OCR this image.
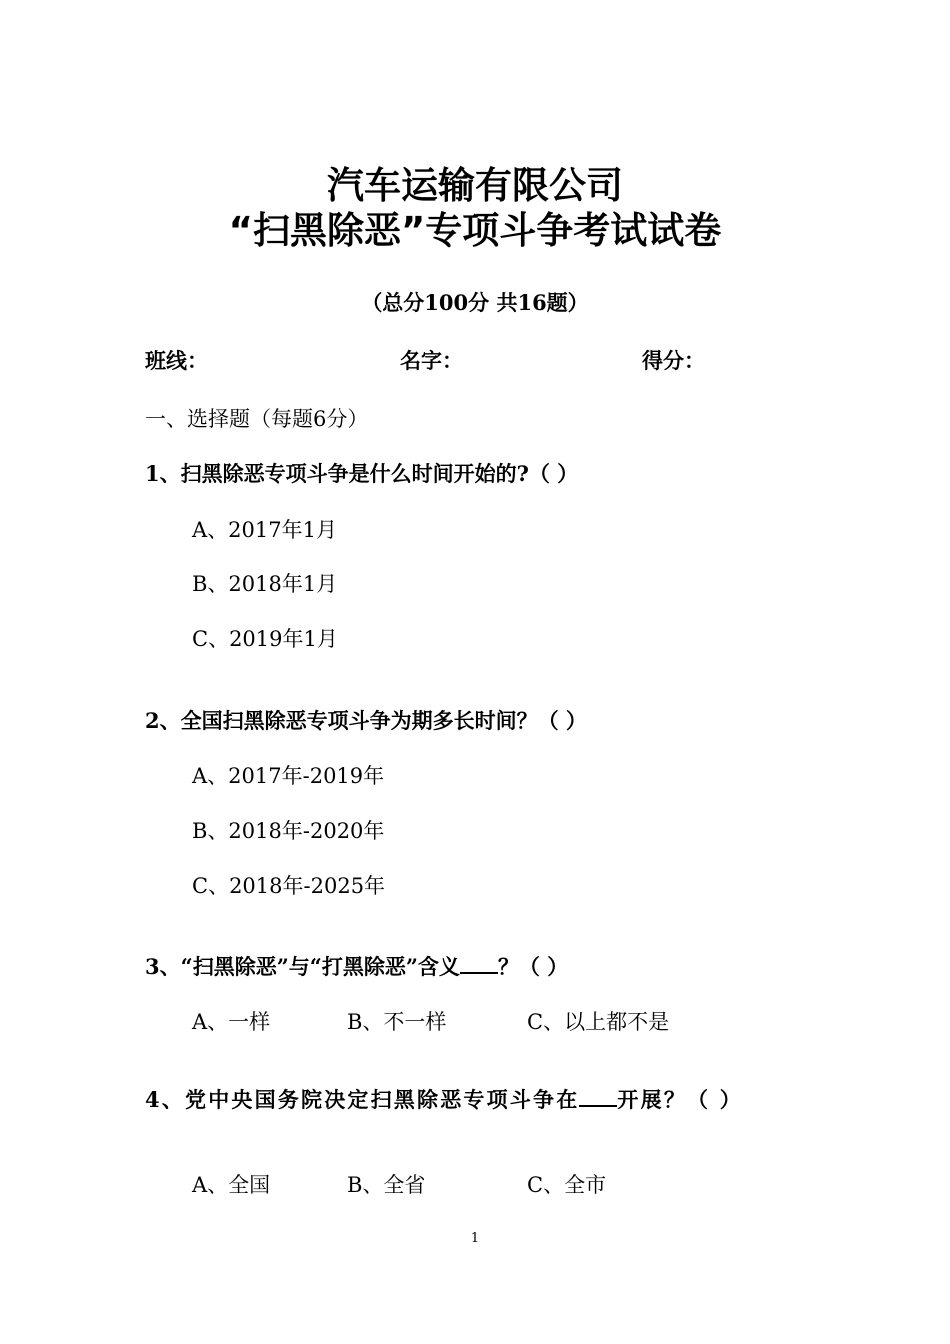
汽车运输有限公司
“扫黑除恶”专项斗争考试试卷
（总分100分 共16题）
班线：	名字：	得分：
一、选择题（每题6分）
1、扫黑除恶专项斗争是什么时间开始的?（ ）
A、2017年1月
B、2018年1月
C、2019年1月
2、全国扫黑除恶专项斗争为期多长时间？（ ）
A、2017年-2019年
B、2018年-2020年
C、2018年-2025年
3、“扫黑除恶”与“打黑除恶”含义 ？（ ）
A、一样	B、不一样	C、以上都不是
4、党中央国务院决定扫黑除恶专项斗争在 开展？（ ）
A、全国	B、全省	C、全市
1
